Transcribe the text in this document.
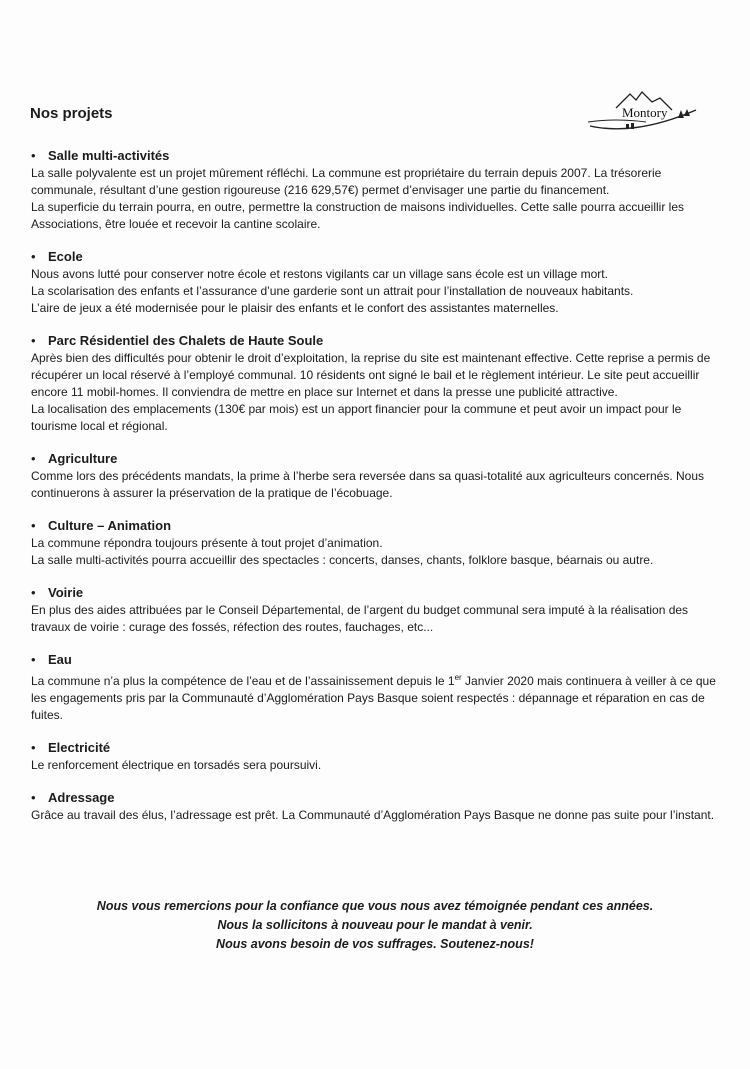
Nos projets	Montory
• Salle multi-activités

La salle polyvalente est un projet mûrement réfléchi. La commune est propriétaire du terrain depuis 2007. La trésorerie communale, résultant d’une gestion rigoureuse (216 629,57€) permet d’envisager une partie du financement.

La superficie du terrain pourra, en outre, permettre la construction de maisons individuelles. Cette salle pourra accueillir les Associations, être louée et recevoir la cantine scolaire.

• Ecole

Nous avons lutté pour conserver notre école et restons vigilants car un village sans école est un village mort.

La scolarisation des enfants et l’assurance d’une garderie sont un attrait pour l’installation de nouveaux habitants.

L’aire de jeux a été modernisée pour le plaisir des enfants et le confort des assistantes maternelles.

• Parc Résidentiel des Chalets de Haute Soule

Après bien des difficultés pour obtenir le droit d’exploitation, la reprise du site est maintenant effective. Cette reprise a permis de récupérer un local réservé à l’employé communal. 10 résidents ont signé le bail et le règlement intérieur. Le site peut accueillir encore 11 mobil-homes. Il conviendra de mettre en place sur Internet et dans la presse une publicité attractive.

La localisation des emplacements (130€ par mois) est un apport financier pour la commune et peut avoir un impact pour le tourisme local et régional.

• Agriculture

Comme lors des précédents mandats, la prime à l’herbe sera reversée dans sa quasi-totalité aux agriculteurs concernés. Nous continuerons à assurer la préservation de la pratique de l’écobuage.

• Culture – Animation

La commune répondra toujours présente à tout projet d’animation.

La salle multi-activités pourra accueillir des spectacles : concerts, danses, chants, folklore basque, béarnais ou autre.

• Voirie

En plus des aides attribuées par le Conseil Départemental, de l’argent du budget communal sera imputé à la réalisation des travaux de voirie : curage des fossés, réfection des routes, fauchages, etc...

• Eau

La commune n’a plus la compétence de l’eau et de l’assainissement depuis le 1er Janvier 2020 mais continuera à veiller à ce que les engagements pris par la Communauté d’Agglomération Pays Basque soient respectés : dépannage et réparation en cas de fuites.

• Electricité

Le renforcement électrique en torsadés sera poursuivi.

• Adressage

Grâce au travail des élus, l’adressage est prêt. La Communauté d’Agglomération Pays Basque ne donne pas suite pour l’instant.

Nous vous remercions pour la confiance que vous nous avez témoignée pendant ces années.

Nous la sollicitons à nouveau pour le mandat à venir.

Nous avons besoin de vos suffrages. Soutenez-nous!
